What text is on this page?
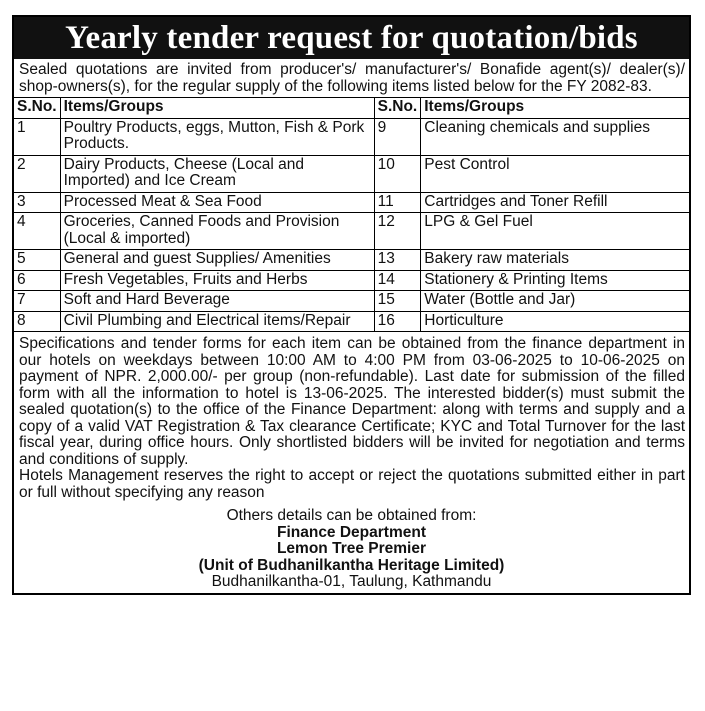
Yearly tender request for quotation/bids
Sealed quotations are invited from producer's/ manufacturer's/ Bonafide agent(s)/ dealer(s)/ shop-owners(s), for the regular supply of the following items listed below for the FY 2082-83.
S.No.	Items/Groups	S.No.	Items/Groups
1	Poultry Products, eggs, Mutton, Fish & Pork Products.	9	Cleaning chemicals and supplies
2	Dairy Products, Cheese (Local and Imported) and Ice Cream	10	Pest Control
3	Processed Meat & Sea Food	11	Cartridges and Toner Refill
4	Groceries, Canned Foods and Provision (Local & imported)	12	LPG & Gel Fuel
5	General and guest Supplies/ Amenities	13	Bakery raw materials
6	Fresh Vegetables, Fruits and Herbs	14	Stationery & Printing Items
7	Soft and Hard Beverage	15	Water (Bottle and Jar)
8	Civil Plumbing and Electrical items/Repair	16	Horticulture

Specifications and tender forms for each item can be obtained from the finance department in our hotels on weekdays between 10:00 AM to 4:00 PM from 03-06-2025 to 10-06-2025 on payment of NPR. 2,000.00/- per group (non-refundable). Last date for submission of the filled form with all the information to hotel is 13-06-2025. The interested bidder(s) must submit the sealed quotation(s) to the office of the Finance Department: along with terms and supply and a copy of a valid VAT Registration & Tax clearance Certificate; KYC and Total Turnover for the last fiscal year, during office hours. Only shortlisted bidders will be invited for negotiation and terms and conditions of supply.

Hotels Management reserves the right to accept or reject the quotations submitted either in part or full without specifying any reason

Others details can be obtained from:
Finance Department
Lemon Tree Premier
(Unit of Budhanilkantha Heritage Limited)
Budhanilkantha-01, Taulung, Kathmandu
